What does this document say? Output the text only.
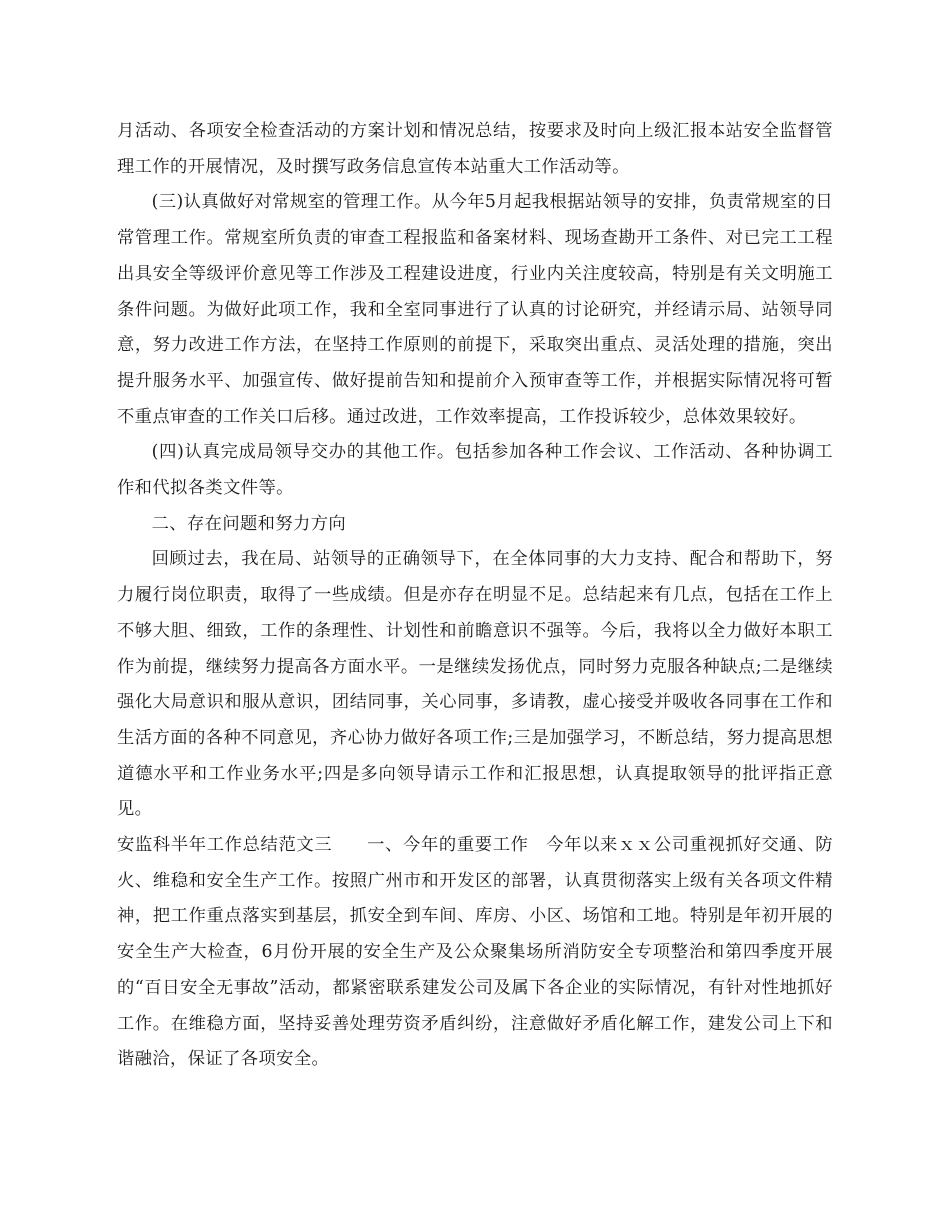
月活动、各项安全检查活动的方案计划和情况总结，按要求及时向上级汇报本站安全监督管理工作的开展情况，及时撰写政务信息宣传本站重大工作活动等。

(三)认真做好对常规室的管理工作。从今年5月起我根据站领导的安排，负责常规室的日常管理工作。常规室所负责的审查工程报监和备案材料、现场查勘开工条件、对已完工工程出具安全等级评价意见等工作涉及工程建设进度，行业内关注度较高，特别是有关文明施工条件问题。为做好此项工作，我和全室同事进行了认真的讨论研究，并经请示局、站领导同意，努力改进工作方法，在坚持工作原则的前提下，采取突出重点、灵活处理的措施，突出提升服务水平、加强宣传、做好提前告知和提前介入预审查等工作，并根据实际情况将可暂不重点审查的工作关口后移。通过改进，工作效率提高，工作投诉较少，总体效果较好。

(四)认真完成局领导交办的其他工作。包括参加各种工作会议、工作活动、各种协调工作和代拟各类文件等。

二、存在问题和努力方向

回顾过去，我在局、站领导的正确领导下，在全体同事的大力支持、配合和帮助下，努力履行岗位职责，取得了一些成绩。但是亦存在明显不足。总结起来有几点，包括在工作上不够大胆、细致，工作的条理性、计划性和前瞻意识不强等。今后，我将以全力做好本职工作为前提，继续努力提高各方面水平。一是继续发扬优点，同时努力克服各种缺点;二是继续强化大局意识和服从意识，团结同事，关心同事，多请教，虚心接受并吸收各同事在工作和生活方面的各种不同意见，齐心协力做好各项工作;三是加强学习，不断总结，努力提高思想道德水平和工作业务水平;四是多向领导请示工作和汇报思想，认真提取领导的批评指正意见。

安监科半年工作总结范文三 一、今年的重要工作 今年以来ｘｘ公司重视抓好交通、防火、维稳和安全生产工作。按照广州市和开发区的部署，认真贯彻落实上级有关各项文件精神，把工作重点落实到基层，抓安全到车间、库房、小区、场馆和工地。特别是年初开展的安全生产大检查，6月份开展的安全生产及公众聚集场所消防安全专项整治和第四季度开展的“百日安全无事故”活动，都紧密联系建发公司及属下各企业的实际情况，有针对性地抓好工作。在维稳方面，坚持妥善处理劳资矛盾纠纷，注意做好矛盾化解工作，建发公司上下和谐融洽，保证了各项安全。
